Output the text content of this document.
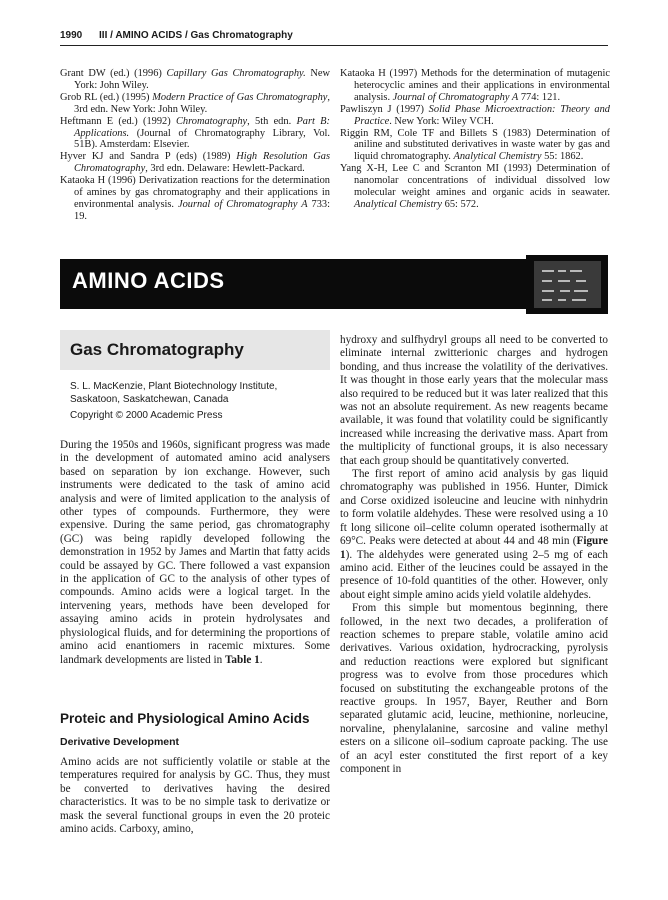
1990 III / AMINO ACIDS / Gas Chromatography

Grant DW (ed.) (1996) Capillary Gas Chromatography. New York: John Wiley.

Grob RL (ed.) (1995) Modern Practice of Gas Chromatography, 3rd edn. New York: John Wiley.

Heftmann E (ed.) (1992) Chromatography, 5th edn. Part B: Applications. (Journal of Chromatography Library, Vol. 51B). Amsterdam: Elsevier.

Hyver KJ and Sandra P (eds) (1989) High Resolution Gas Chromatography, 3rd edn. Delaware: Hewlett-Packard.

Kataoka H (1996) Derivatization reactions for the determination of amines by gas chromatography and their applications in environmental analysis. Journal of Chromatography A 733: 19.

Kataoka H (1997) Methods for the determination of mutagenic heterocyclic amines and their applications in environmental analysis. Journal of Chromatography A 774: 121.

Pawliszyn J (1997) Solid Phase Microextraction: Theory and Practice. New York: Wiley VCH.

Riggin RM, Cole TF and Billets S (1983) Determination of aniline and substituted derivatives in waste water by gas and liquid chromatography. Analytical Chemistry 55: 1862.

Yang X-H, Lee C and Scranton MI (1993) Determination of nanomolar concentrations of individual dissolved low molecular weight amines and organic acids in seawater. Analytical Chemistry 65: 572.

AMINO ACIDS
Gas Chromatography
S. L. MacKenzie, Plant Biotechnology Institute,
Saskatoon, Saskatchewan, Canada
Copyright © 2000 Academic Press

During the 1950s and 1960s, significant progress was made in the development of automated amino acid analysers based on separation by ion exchange. However, such instruments were dedicated to the task of amino acid analysis and were of limited application to the analysis of other types of compounds. Furthermore, they were expensive. During the same period, gas chromatography (GC) was being rapidly developed following the demonstration in 1952 by James and Martin that fatty acids could be assayed by GC. There followed a vast expansion in the application of GC to the analysis of other types of compounds. Amino acids were a logical target. In the intervening years, methods have been developed for assaying amino acids in protein hydrolysates and physiological fluids, and for determining the proportions of amino acid enantiomers in racemic mixtures. Some landmark developments are listed in Table 1.

Proteic and Physiological Amino Acids
Derivative Development

Amino acids are not sufficiently volatile or stable at the temperatures required for analysis by GC. Thus, they must be converted to derivatives having the desired characteristics. It was to be no simple task to derivatize or mask the several functional groups in even the 20 proteic amino acids. Carboxy, amino,

hydroxy and sulfhydryl groups all need to be converted to eliminate internal zwitterionic charges and hydrogen bonding, and thus increase the volatility of the derivatives. It was thought in those early years that the molecular mass also required to be reduced but it was later realized that this was not an absolute requirement. As new reagents became available, it was found that volatility could be significantly increased while increasing the derivative mass. Apart from the multiplicity of functional groups, it is also necessary that each group should be quantitatively converted.

The first report of amino acid analysis by gas liquid chromatography was published in 1956. Hunter, Dimick and Corse oxidized isoleucine and leucine with ninhydrin to form volatile aldehydes. These were resolved using a 10 ft long silicone oil–celite column operated isothermally at 69°C. Peaks were detected at about 44 and 48 min (Figure 1). The aldehydes were generated using 2–5 mg of each amino acid. Either of the leucines could be assayed in the presence of 10-fold quantities of the other. However, only about eight simple amino acids yield volatile aldehydes.

From this simple but momentous beginning, there followed, in the next two decades, a proliferation of reaction schemes to prepare stable, volatile amino acid derivatives. Various oxidation, hydrocracking, pyrolysis and reduction reactions were explored but significant progress was to evolve from those procedures which focused on substituting the exchangeable protons of the reactive groups. In 1957, Bayer, Reuther and Born separated glutamic acid, leucine, methionine, norleucine, norvaline, phenylalanine, sarcosine and valine methyl esters on a silicone oil–sodium caproate packing. The use of an acyl ester constituted the first report of a key component in
